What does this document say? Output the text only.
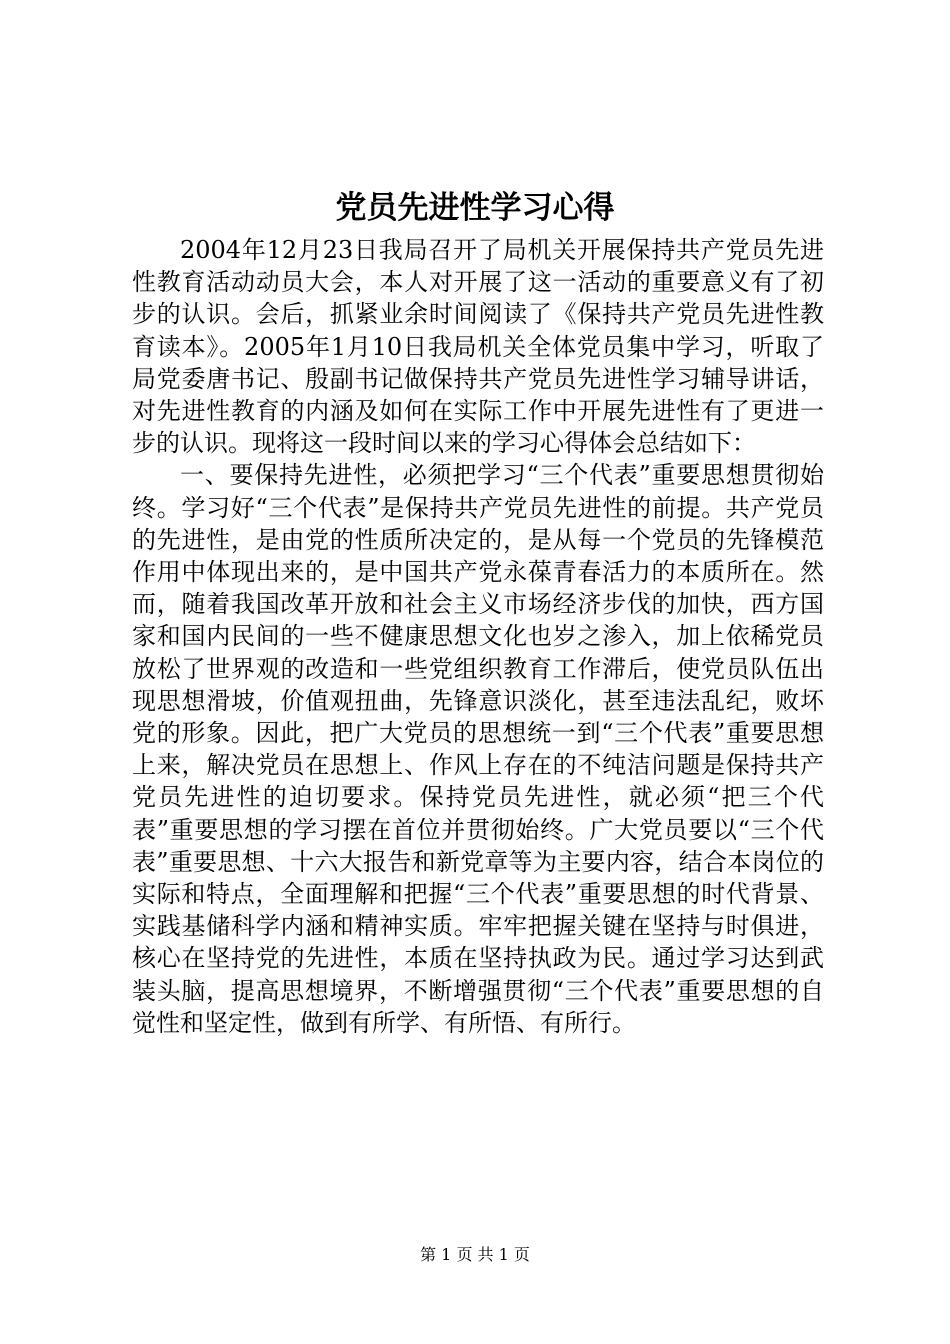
党员先进性学习心得

2004年12月23日我局召开了局机关开展保持共产党员先进性教育活动动员大会，本人对开展了这一活动的重要意义有了初步的认识。会后，抓紧业余时间阅读了《保持共产党员先进性教育读本》。2005年1月10日我局机关全体党员集中学习，听取了局党委唐书记、殷副书记做保持共产党员先进性学习辅导讲话，对先进性教育的内涵及如何在实际工作中开展先进性有了更进一步的认识。现将这一段时间以来的学习心得体会总结如下：

一、要保持先进性，必须把学习“三个代表”重要思想贯彻始终。学习好“三个代表”是保持共产党员先进性的前提。共产党员的先进性，是由党的性质所决定的，是从每一个党员的先锋模范作用中体现出来的，是中国共产党永葆青春活力的本质所在。然而，随着我国改革开放和社会主义市场经济步伐的加快，西方国家和国内民间的一些不健康思想文化也岁之渗入，加上依稀党员放松了世界观的改造和一些党组织教育工作滞后，使党员队伍出现思想滑坡，价值观扭曲，先锋意识淡化，甚至违法乱纪，败坏党的形象。因此，把广大党员的思想统一到“三个代表”重要思想上来，解决党员在思想上、作风上存在的不纯洁问题是保持共产党员先进性的迫切要求。保持党员先进性，就必须“把三个代表”重要思想的学习摆在首位并贯彻始终。广大党员要以“三个代表”重要思想、十六大报告和新党章等为主要内容，结合本岗位的实际和特点，全面理解和把握“三个代表”重要思想的时代背景、实践基储科学内涵和精神实质。牢牢把握关键在坚持与时俱进，核心在坚持党的先进性，本质在坚持执政为民。通过学习达到武装头脑，提高思想境界，不断增强贯彻“三个代表”重要思想的自觉性和坚定性，做到有所学、有所悟、有所行。

第 1 页 共 1 页
